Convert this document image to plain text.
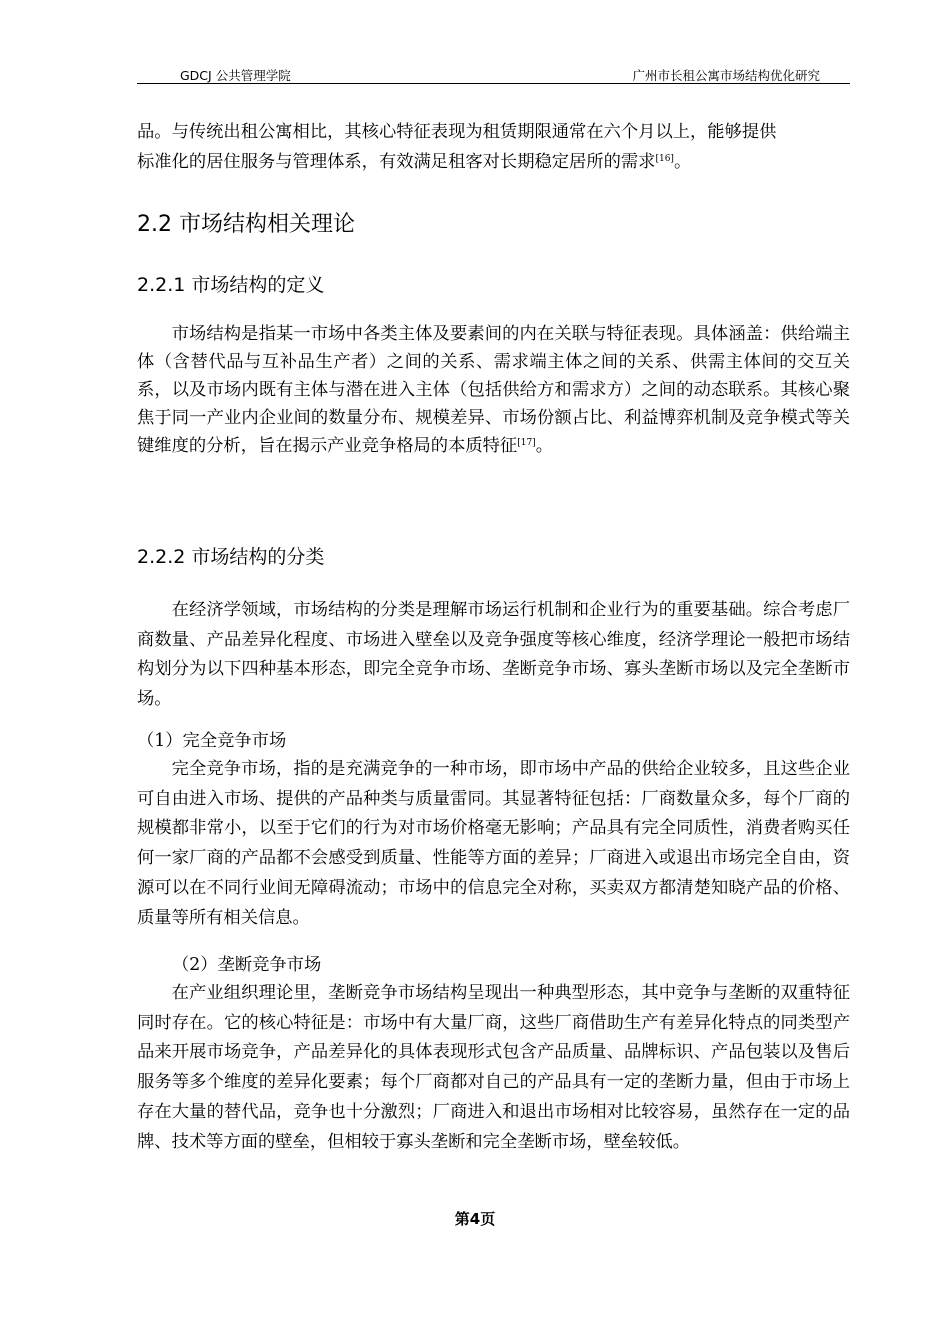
GDCJ 公共管理学院	广州市长租公寓市场结构优化研究

品。与传统出租公寓相比，其核心特征表现为租赁期限通常在六个月以上，能够提供

标准化的居住服务与管理体系，有效满足租客对长期稳定居所的需求[16]。

2.2 市场结构相关理论
2.2.1 市场结构的定义

市场结构是指某一市场中各类主体及要素间的内在关联与特征表现。具体涵盖：供给端主体（含替代品与互补品生产者）之间的关系、需求端主体之间的关系、供需主体间的交互关系，以及市场内既有主体与潜在进入主体（包括供给方和需求方）之间的动态联系。其核心聚焦于同一产业内企业间的数量分布、规模差异、市场份额占比、利益博弈机制及竞争模式等关键维度的分析，旨在揭示产业竞争格局的本质特征[17]。

2.2.2 市场结构的分类

在经济学领域，市场结构的分类是理解市场运行机制和企业行为的重要基础。综合考虑厂商数量、产品差异化程度、市场进入壁垒以及竞争强度等核心维度，经济学理论一般把市场结构划分为以下四种基本形态，即完全竞争市场、垄断竞争市场、寡头垄断市场以及完全垄断市场。

（1）完全竞争市场

完全竞争市场，指的是充满竞争的一种市场，即市场中产品的供给企业较多，且这些企业可自由进入市场、提供的产品种类与质量雷同。其显著特征包括：厂商数量众多，每个厂商的规模都非常小，以至于它们的行为对市场价格毫无影响；产品具有完全同质性，消费者购买任何一家厂商的产品都不会感受到质量、性能等方面的差异；厂商进入或退出市场完全自由，资源可以在不同行业间无障碍流动；市场中的信息完全对称，买卖双方都清楚知晓产品的价格、质量等所有相关信息。

（2）垄断竞争市场

在产业组织理论里，垄断竞争市场结构呈现出一种典型形态，其中竞争与垄断的双重特征同时存在。它的核心特征是：市场中有大量厂商，这些厂商借助生产有差异化特点的同类型产品来开展市场竞争，产品差异化的具体表现形式包含产品质量、品牌标识、产品包装以及售后服务等多个维度的差异化要素；每个厂商都对自己的产品具有一定的垄断力量，但由于市场上存在大量的替代品，竞争也十分激烈；厂商进入和退出市场相对比较容易，虽然存在一定的品牌、技术等方面的壁垒，但相较于寡头垄断和完全垄断市场，壁垒较低。

第4页
